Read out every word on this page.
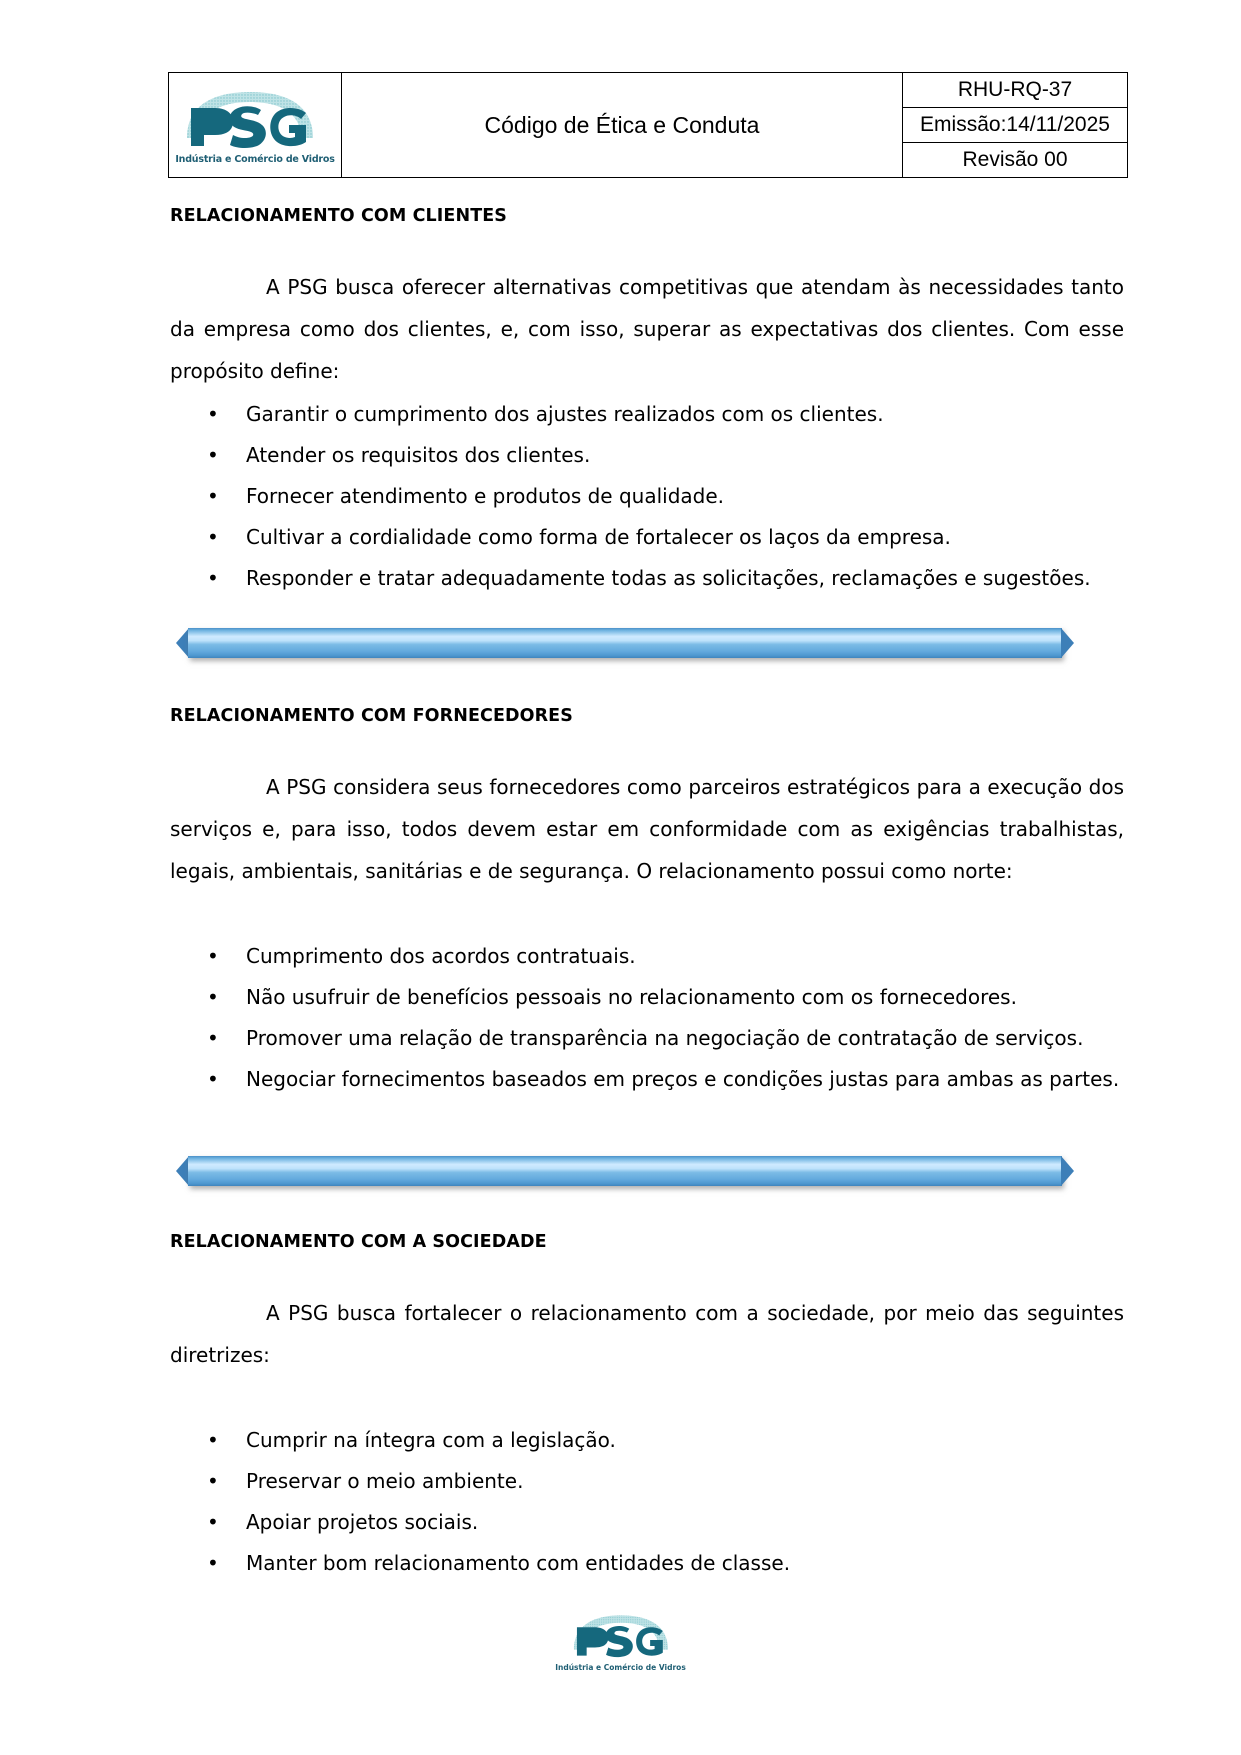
Indústria e Comércio de Vidros
	Código de Ética e Conduta	
RHU-RQ-37
Emissão:14/11/2025
Revisão 00
RELACIONAMENTO COM CLIENTES

A PSG busca oferecer alternativas competitivas que atendam às necessidades tanto da empresa como dos clientes, e, com isso, superar as expectativas dos clientes. Com esse propósito define:

• Garantir o cumprimento dos ajustes realizados com os clientes.
• Atender os requisitos dos clientes.
• Fornecer atendimento e produtos de qualidade.
• Cultivar a cordialidade como forma de fortalecer os laços da empresa.
• Responder e tratar adequadamente todas as solicitações, reclamações e sugestões.
RELACIONAMENTO COM FORNECEDORES

A PSG considera seus fornecedores como parceiros estratégicos para a execução dos serviços e, para isso, todos devem estar em conformidade com as exigências trabalhistas, legais, ambientais, sanitárias e de segurança. O relacionamento possui como norte:

• Cumprimento dos acordos contratuais.
• Não usufruir de benefícios pessoais no relacionamento com os fornecedores.
• Promover uma relação de transparência na negociação de contratação de serviços.
• Negociar fornecimentos baseados em preços e condições justas para ambas as partes.
RELACIONAMENTO COM A SOCIEDADE

A PSG busca fortalecer o relacionamento com a sociedade, por meio das seguintes diretrizes:

• Cumprir na íntegra com a legislação.
• Preservar o meio ambiente.
• Apoiar projetos sociais.
• Manter bom relacionamento com entidades de classe.
Indústria e Comércio de Vidros
